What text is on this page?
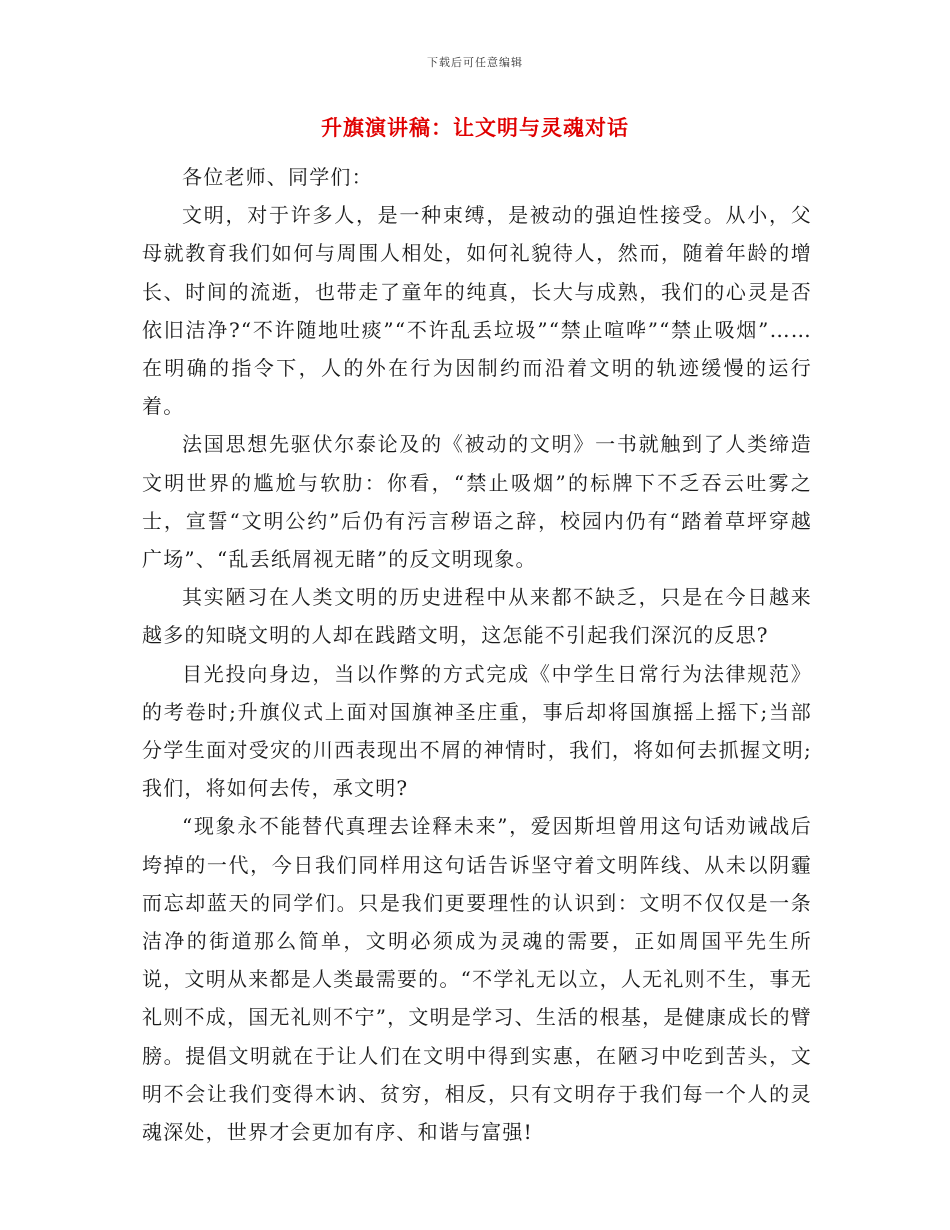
下载后可任意编辑
升旗演讲稿：让文明与灵魂对话

各位老师、同学们：

文明，对于许多人，是一种束缚，是被动的强迫性接受。从小，父母就教育我们如何与周围人相处，如何礼貌待人，然而，随着年龄的增长、时间的流逝，也带走了童年的纯真，长大与成熟，我们的心灵是否依旧洁净?“不许随地吐痰”“不许乱丢垃圾”“禁止喧哗”“禁止吸烟”……在明确的指令下，人的外在行为因制约而沿着文明的轨迹缓慢的运行着。

法国思想先驱伏尔泰论及的《被动的文明》一书就触到了人类缔造文明世界的尴尬与软肋：你看，“禁止吸烟”的标牌下不乏吞云吐雾之士，宣誓“文明公约”后仍有污言秽语之辞，校园内仍有“踏着草坪穿越广场”、“乱丢纸屑视无睹”的反文明现象。

其实陋习在人类文明的历史进程中从来都不缺乏，只是在今日越来越多的知晓文明的人却在践踏文明，这怎能不引起我们深沉的反思?

目光投向身边，当以作弊的方式完成《中学生日常行为法律规范》的考卷时;升旗仪式上面对国旗神圣庄重，事后却将国旗摇上摇下;当部分学生面对受灾的川西表现出不屑的神情时，我们，将如何去抓握文明;我们，将如何去传，承文明?

“现象永不能替代真理去诠释未来”，爱因斯坦曾用这句话劝诫战后垮掉的一代，今日我们同样用这句话告诉坚守着文明阵线、从未以阴霾而忘却蓝天的同学们。只是我们更要理性的认识到：文明不仅仅是一条洁净的街道那么简单，文明必须成为灵魂的需要，正如周国平先生所说，文明从来都是人类最需要的。“不学礼无以立，人无礼则不生，事无礼则不成，国无礼则不宁”，文明是学习、生活的根基，是健康成长的臂膀。提倡文明就在于让人们在文明中得到实惠，在陋习中吃到苦头，文明不会让我们变得木讷、贫穷，相反，只有文明存于我们每一个人的灵魂深处，世界才会更加有序、和谐与富强!
